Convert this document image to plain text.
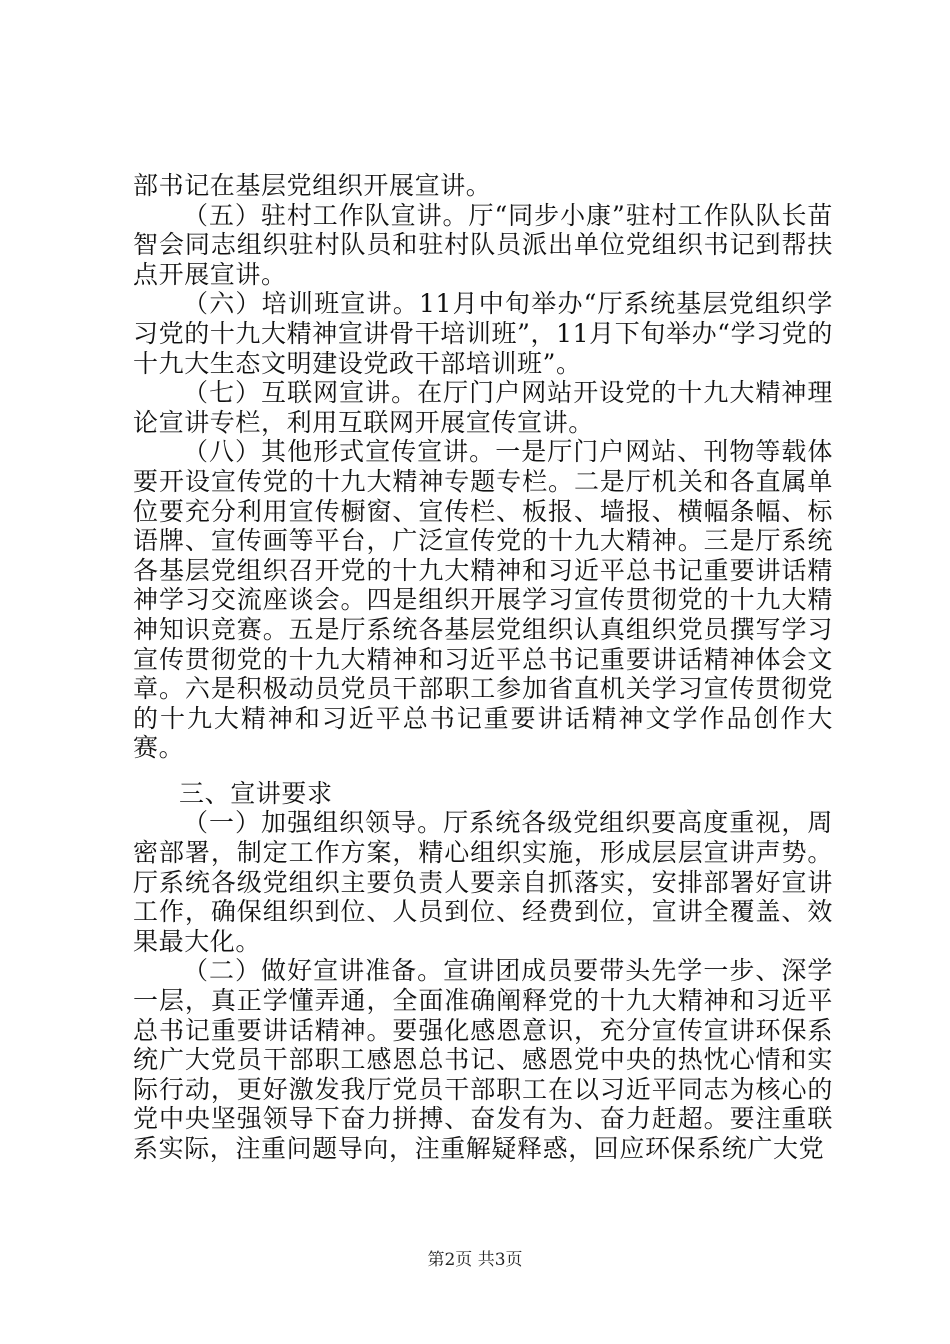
部书记在基层党组织开展宣讲。

（五）驻村工作队宣讲。厅“同步小康”驻村工作队队长苗智会同志组织驻村队员和驻村队员派出单位党组织书记到帮扶点开展宣讲。

（六）培训班宣讲。11月中旬举办“厅系统基层党组织学习党的十九大精神宣讲骨干培训班”，11月下旬举办“学习党的十九大生态文明建设党政干部培训班”。

（七）互联网宣讲。在厅门户网站开设党的十九大精神理论宣讲专栏，利用互联网开展宣传宣讲。

（八）其他形式宣传宣讲。一是厅门户网站、刊物等载体要开设宣传党的十九大精神专题专栏。二是厅机关和各直属单位要充分利用宣传橱窗、宣传栏、板报、墙报、横幅条幅、标语牌、宣传画等平台，广泛宣传党的十九大精神。三是厅系统各基层党组织召开党的十九大精神和习近平总书记重要讲话精神学习交流座谈会。四是组织开展学习宣传贯彻党的十九大精神知识竞赛。五是厅系统各基层党组织认真组织党员撰写学习宣传贯彻党的十九大精神和习近平总书记重要讲话精神体会文章。六是积极动员党员干部职工参加省直机关学习宣传贯彻党的十九大精神和习近平总书记重要讲话精神文学作品创作大赛。

三、宣讲要求

（一）加强组织领导。厅系统各级党组织要高度重视，周密部署，制定工作方案，精心组织实施，形成层层宣讲声势。厅系统各级党组织主要负责人要亲自抓落实，安排部署好宣讲工作，确保组织到位、人员到位、经费到位，宣讲全覆盖、效果最大化。

（二）做好宣讲准备。宣讲团成员要带头先学一步、深学一层，真正学懂弄通，全面准确阐释党的十九大精神和习近平总书记重要讲话精神。要强化感恩意识，充分宣传宣讲环保系统广大党员干部职工感恩总书记、感恩党中央的热忱心情和实际行动，更好激发我厅党员干部职工在以习近平同志为核心的党中央坚强领导下奋力拼搏、奋发有为、奋力赶超。要注重联系实际，注重问题导向，注重解疑释惑，回应环保系统广大党

第2页 共3页
